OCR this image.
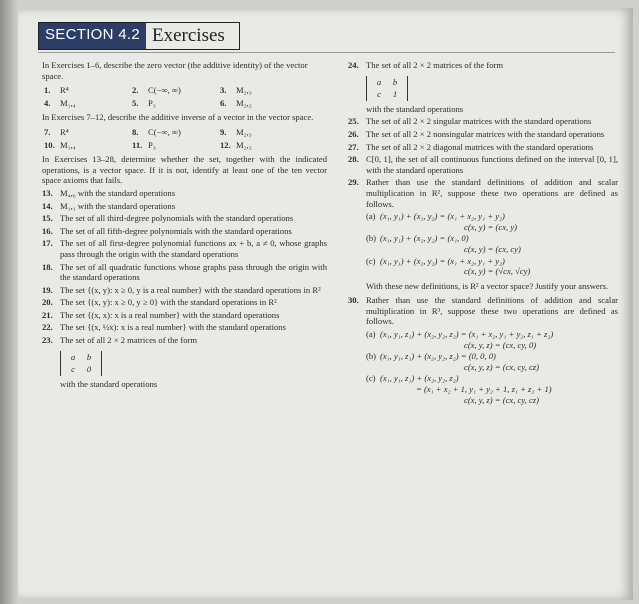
SECTION 4.2 Exercises

In Exercises 1–6, describe the zero vector (the additive identity) of the vector space.

1.	R⁴	2.	C(−∞, ∞)	3.	M₂,₃
4.	M₁,₄	5.	P₃	6.	M₂,₂

In Exercises 7–12, describe the additive inverse of a vector in the vector space.

7.	R⁴	8.	C(−∞, ∞)	9.	M₂,₃
10. M₁,₄	11. P₃	12. M₂,₂

In Exercises 13–28, determine whether the set, together with the indicated operations, is a vector space. If it is not, identify at least one of the ten vector space axioms that fails.

13. M₄,₆ with the standard operations
14. M₁,₁ with the standard operations
15. The set of all third-degree polynomials with the standard operations
16. The set of all fifth-degree polynomials with the standard operations
17. The set of all first-degree polynomial functions ax + b, a ≠ 0, whose graphs pass through the origin with the standard operations
18. The set of all quadratic functions whose graphs pass through the origin with the standard operations
19. The set {(x, y): x ≥ 0, y is a real number} with the standard operations in R²
20. The set {(x, y): x ≥ 0, y ≥ 0} with the standard operations in R²
21. The set {(x, x): x is a real number} with the standard operations
22. The set {(x, ½x): x is a real number} with the standard operations
23. The set of all 2 × 2 matrices of the form
a	b
c	0

with the standard operations

24. The set of all 2 × 2 matrices of the form
a	b
c	1

with the standard operations

25. The set of all 2 × 2 singular matrices with the standard operations
26. The set of all 2 × 2 nonsingular matrices with the standard operations
27. The set of all 2 × 2 diagonal matrices with the standard operations
28. C[0, 1], the set of all continuous functions defined on the interval [0, 1], with the standard operations
29. Rather than use the standard definitions of addition and scalar multiplication in R², suppose these two operations are defined as follows.
(a) (x₁, y₁) + (x₂, y₂) = (x₁ + x₂, y₁ + y₂)
c(x, y) = (cx, y)
(b) (x₁, y₁) + (x₂, y₂) = (x₁, 0)
c(x, y) = (cx, cy)
(c) (x₁, y₁) + (x₂, y₂) = (x₁ + x₂, y₁ + y₂)
c(x, y) = (√cx, √cy)

With these new definitions, is R² a vector space? Justify your answers.

30. Rather than use the standard definitions of addition and scalar multiplication in R³, suppose these two operations are defined as follows.
(a) (x₁, y₁, z₁) + (x₂, y₂, z₂) = (x₁ + x₂, y₁ + y₂, z₁ + z₂)
c(x, y, z) = (cx, cy, 0)
(b) (x₁, y₁, z₁) + (x₂, y₂, z₂) = (0, 0, 0)
c(x, y, z) = (cx, cy, cz)
(c) (x₁, y₁, z₁) + (x₂, y₂, z₂)
= (x₁ + x₂ + 1, y₁ + y₂ + 1, z₁ + z₂ + 1)
c(x, y, z) = (cx, cy, cz)
